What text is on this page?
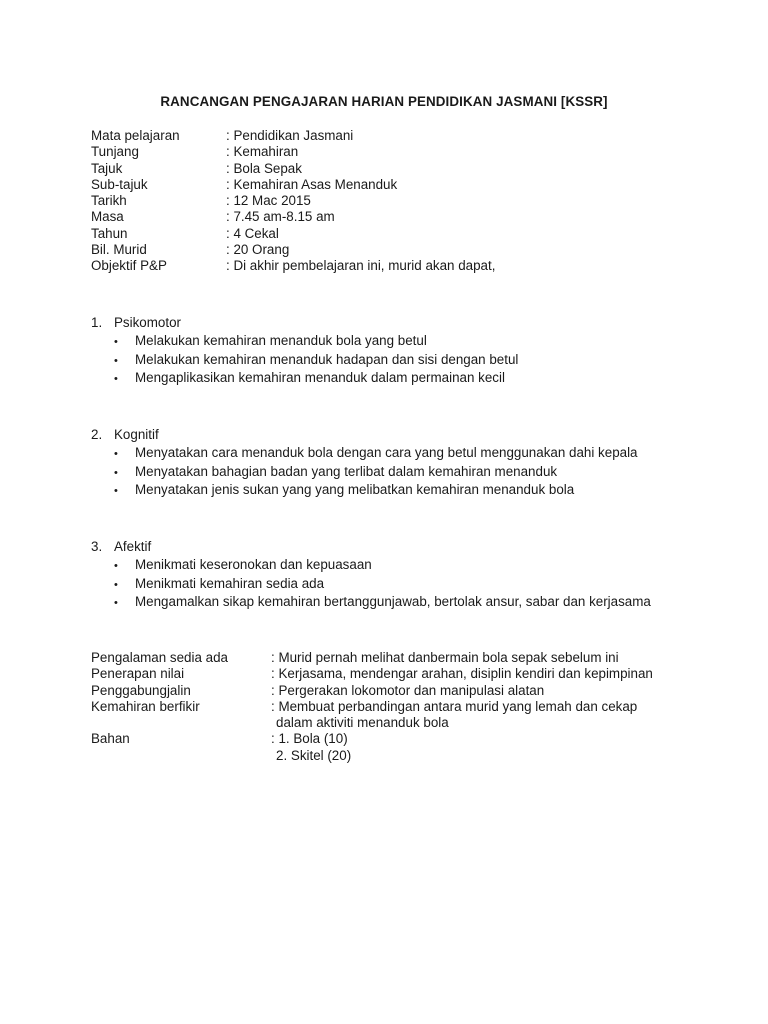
RANCANGAN PENGAJARAN HARIAN PENDIDIKAN JASMANI [KSSR]
Mata pelajaran	: Pendidikan Jasmani
Tunjang	: Kemahiran
Tajuk	: Bola Sepak
Sub-tajuk	: Kemahiran Asas Menanduk
Tarikh	: 12 Mac 2015
Masa	: 7.45 am-8.15 am
Tahun	: 4 Cekal
Bil. Murid	: 20 Orang
Objektif P&P	: Di akhir pembelajaran ini, murid akan dapat,
1. Psikomotor
•	Melakukan kemahiran menanduk bola yang betul
•	Melakukan kemahiran menanduk hadapan dan sisi dengan betul
•	Mengaplikasikan kemahiran menanduk dalam permainan kecil
2. Kognitif
•	Menyatakan cara menanduk bola dengan cara yang betul menggunakan dahi kepala
•	Menyatakan bahagian badan yang terlibat dalam kemahiran menanduk
•	Menyatakan jenis sukan yang yang melibatkan kemahiran menanduk bola
3. Afektif
•	Menikmati keseronokan dan kepuasaan
•	Menikmati kemahiran sedia ada
•	Mengamalkan sikap kemahiran bertanggunjawab, bertolak ansur, sabar dan kerjasama
Pengalaman sedia ada	: Murid pernah melihat danbermain bola sepak sebelum ini
Penerapan nilai	: Kerjasama, mendengar arahan, disiplin kendiri dan kepimpinan
Penggabungjalin	: Pergerakan lokomotor dan manipulasi alatan
Kemahiran berfikir	: Membuat perbandingan antara murid yang lemah dan cekap
dalam aktiviti menanduk bola
Bahan	: 1. Bola (10)
2. Skitel (20)
